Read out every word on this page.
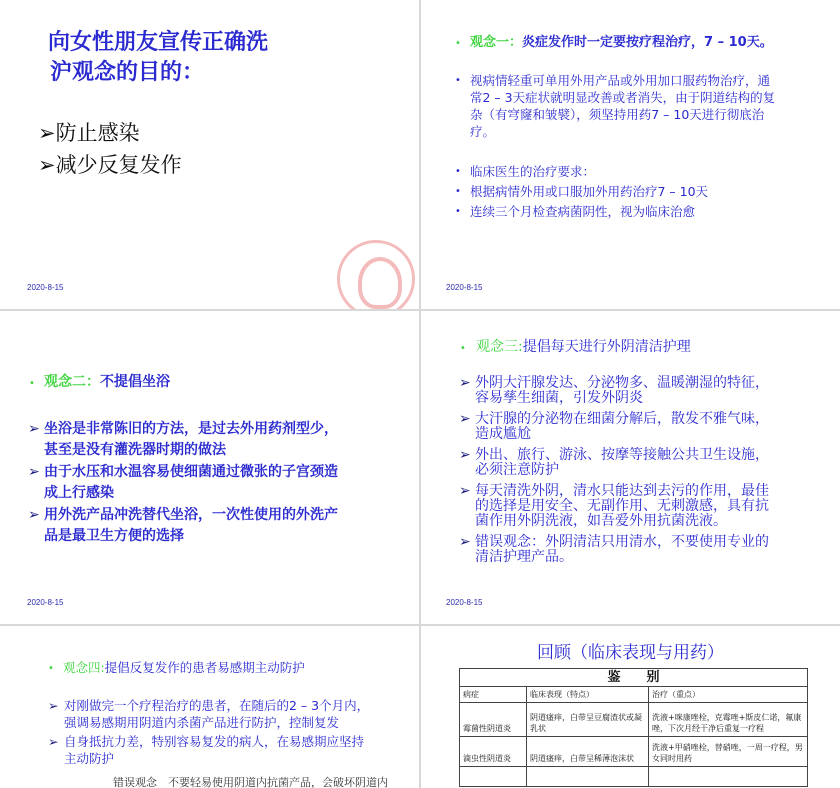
向女性朋友宣传正确洗
沪观念的目的：
➢防止感染
➢减少反复发作
2020-8-15
• 观念一：炎症发作时一定要按疗程治疗，7 – 10天。
• 视病情轻重可单用外用产品或外用加口服药物治疗，通
常2 – 3天症状就明显改善或者消失，由于阴道结构的复
杂（有穹窿和皱襞），须坚持用药7 – 10天进行彻底治
疗。
• 临床医生的治疗要求：
• 根据病情外用或口服加外用药治疗7 – 10天
• 连续三个月检查病菌阴性，视为临床治愈
2020-8-15
• 观念二：不提倡坐浴
➢ 坐浴是非常陈旧的方法，是过去外用药剂型少，
甚至是没有灌洗器时期的做法
➢ 由于水压和水温容易使细菌通过微张的子宫颈造
成上行感染
➢ 用外洗产品冲洗替代坐浴，一次性使用的外洗产
品是最卫生方便的选择
2020-8-15
• 观念三:提倡每天进行外阴清洁护理
➢ 外阴大汗腺发达、分泌物多、温暖潮湿的特征，
容易孳生细菌，引发外阴炎
➢ 大汗腺的分泌物在细菌分解后，散发不雅气味，
造成尴尬
➢ 外出、旅行、游泳、按摩等接触公共卫生设施，
必须注意防护
➢ 每天清洗外阴，清水只能达到去污的作用，最佳
的选择是用安全、无副作用、无刺激感，具有抗
菌作用外阴洗液，如吾爱外用抗菌洗液。
➢ 错误观念：外阴清洁只用清水，不要使用专业的
清洁护理产品。
2020-8-15
• 观念四:提倡反复发作的患者易感期主动防护
➢ 对刚做完一个疗程治疗的患者，在随后的2 – 3个月内，
强调易感期用阴道内杀菌产品进行防护，控制复发
➢ 自身抵抗力差，特别容易复发的病人，在易感期应坚持
主动防护
错误观念　 不要轻易使用阴道内抗菌产品，会破坏阴道内
回顾（临床表现与用药）
鉴　　别		
病症	临床表现（特点）	治疗（重点）
霉菌性阴道炎	阴道瘙痒，白带呈豆腐渣状或凝乳状	洗液+咪康唑栓，克霉唑+斯皮仁诺，氟康唑，下次月经干净后重复一疗程
滴虫性阴道炎	阴道瘙痒，白带呈稀薄泡沫状	洗液+甲硝唑栓，替硝唑，一周一疗程，男女同时用药
